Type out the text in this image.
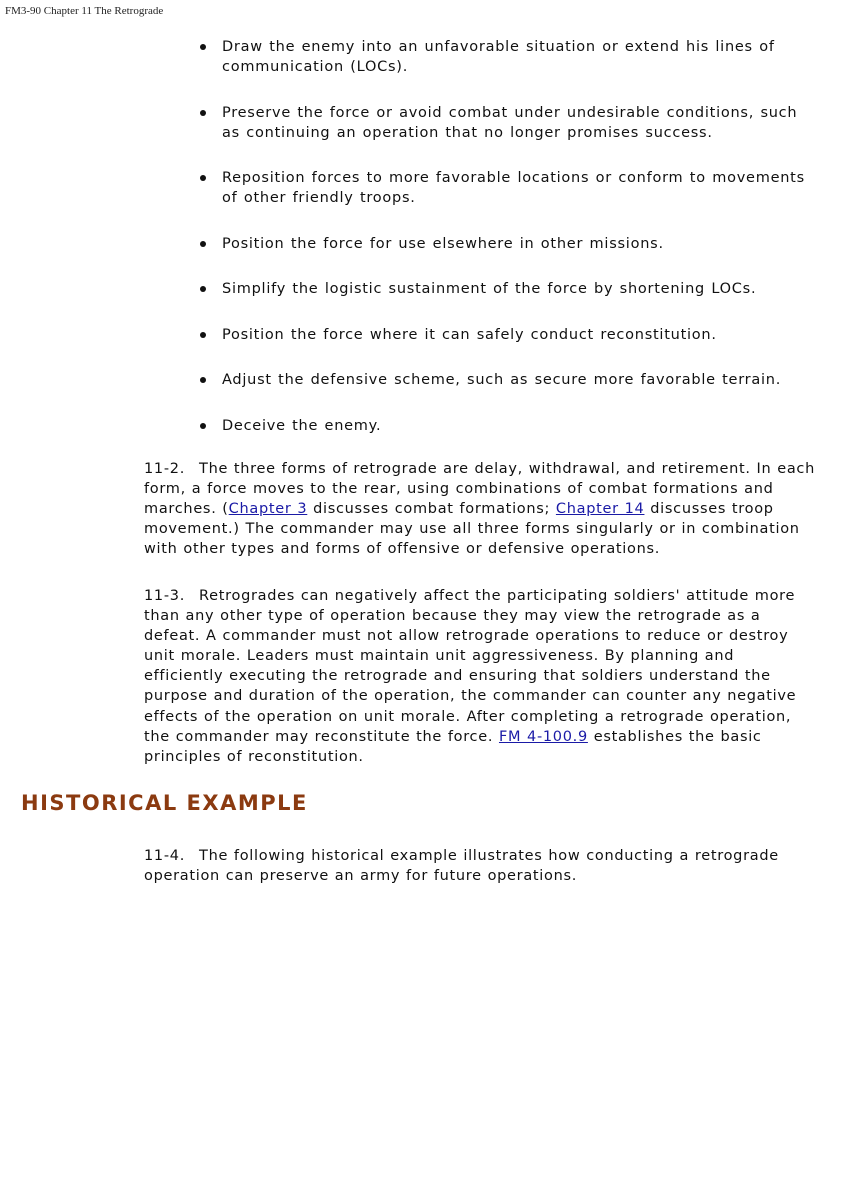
FM3-90 Chapter 11 The Retrograde
Draw the enemy into an unfavorable situation or extend his lines of communication (LOCs).
Preserve the force or avoid combat under undesirable conditions, such as continuing an operation that no longer promises success.
Reposition forces to more favorable locations or conform to movements of other friendly troops.
Position the force for use elsewhere in other missions.
Simplify the logistic sustainment of the force by shortening LOCs.
Position the force where it can safely conduct reconstitution.
Adjust the defensive scheme, such as secure more favorable terrain.
Deceive the enemy.

11-2. The three forms of retrograde are delay, withdrawal, and retirement. In each form, a force moves to the rear, using combinations of combat formations and marches. (Chapter 3 discusses combat formations; Chapter 14 discusses troop movement.) The commander may use all three forms singularly or in combination with other types and forms of offensive or defensive operations.

11-3. Retrogrades can negatively affect the participating soldiers' attitude more than any other type of operation because they may view the retrograde as a defeat. A commander must not allow retrograde operations to reduce or destroy unit morale. Leaders must maintain unit aggressiveness. By planning and efficiently executing the retrograde and ensuring that soldiers understand the purpose and duration of the operation, the commander can counter any negative effects of the operation on unit morale. After completing a retrograde operation, the commander may reconstitute the force. FM 4-100.9 establishes the basic principles of reconstitution.

HISTORICAL EXAMPLE

11-4. The following historical example illustrates how conducting a retrograde operation can preserve an army for future operations.
